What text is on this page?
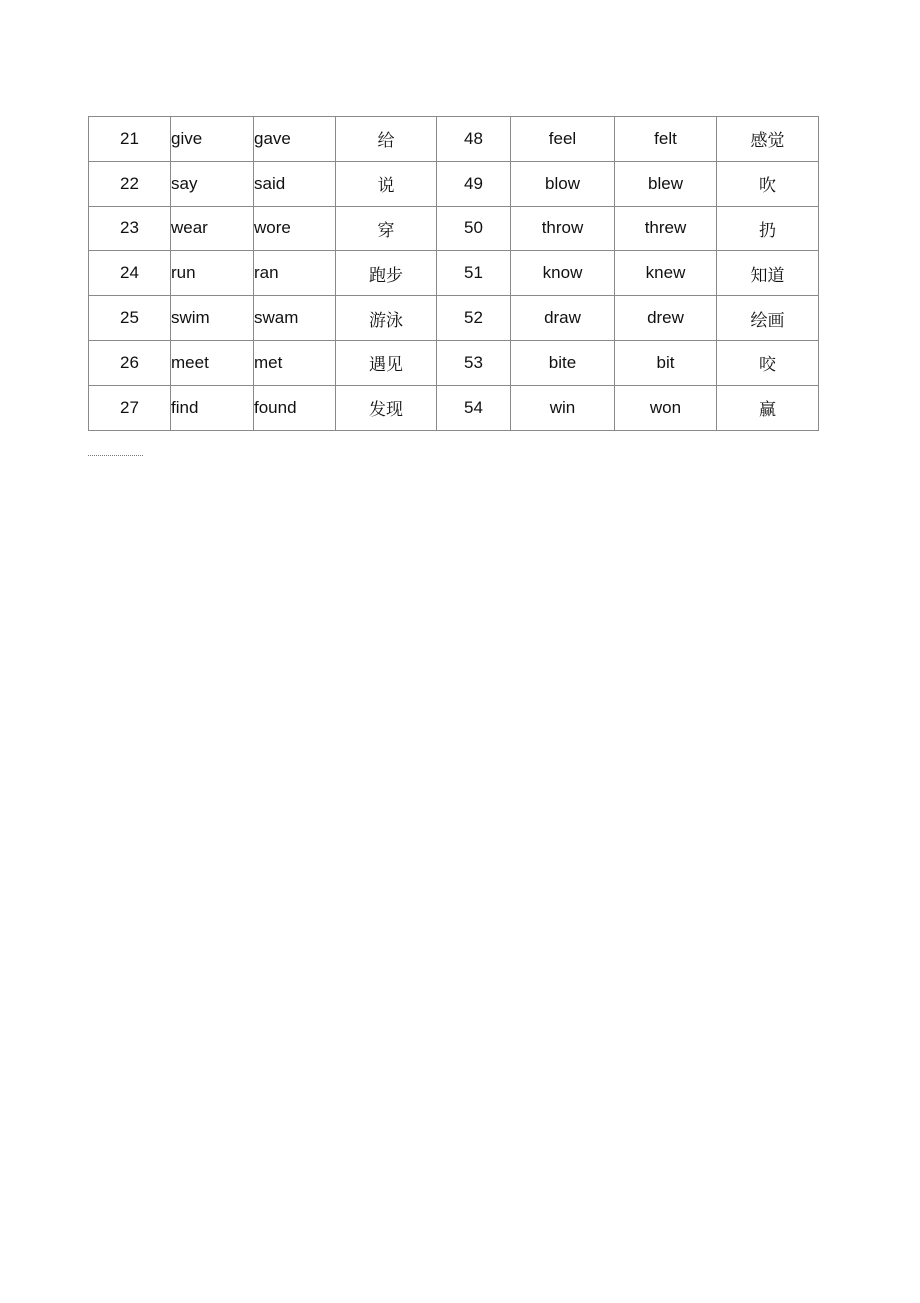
21	give	gave	给	48	feel	felt	感觉
22	say	said	说	49	blow	blew	吹
23	wear	wore	穿	50	throw	threw	扔
24	run	ran	跑步	51	know	knew	知道
25	swim	swam	游泳	52	draw	drew	绘画
26	meet	met	遇见	53	bite	bit	咬
27	find	found	发现	54	win	won	赢
